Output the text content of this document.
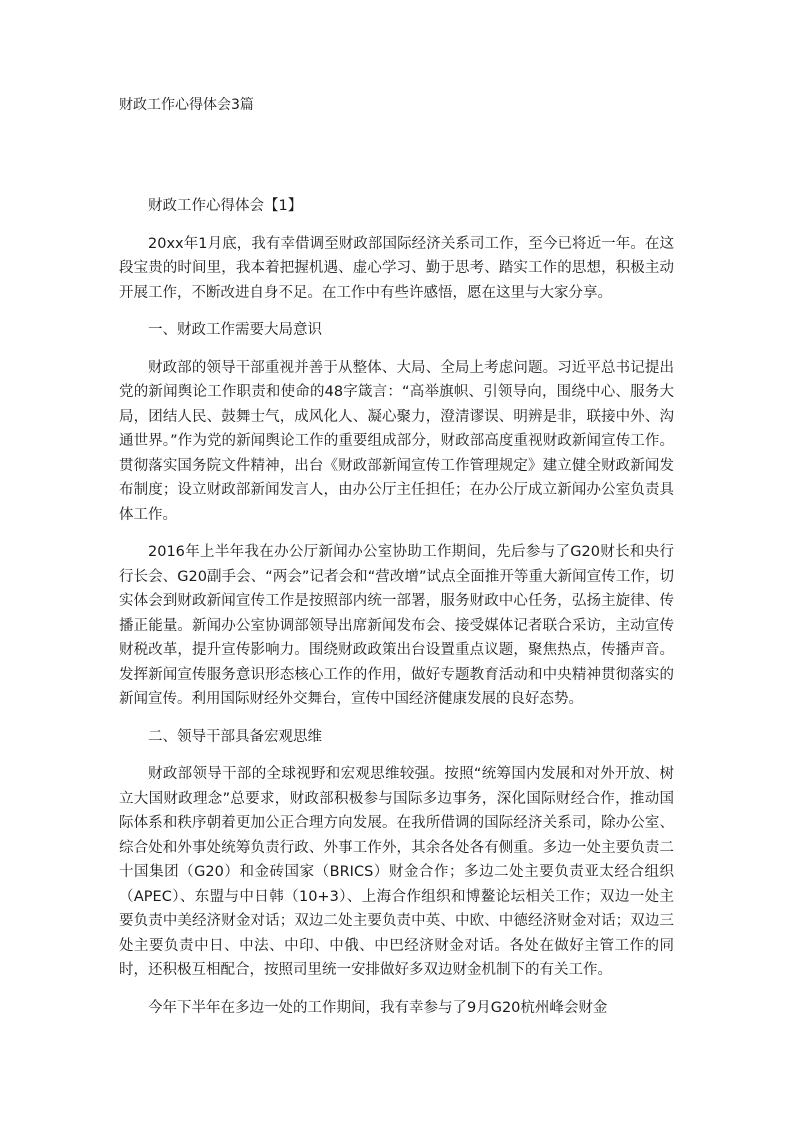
财政工作心得体会3篇

财政工作心得体会【1】

20xx年1月底，我有幸借调至财政部国际经济关系司工作，至今已将近一年。在这段宝贵的时间里，我本着把握机遇、虚心学习、勤于思考、踏实工作的思想，积极主动开展工作，不断改进自身不足。在工作中有些许感悟，愿在这里与大家分享。

一、财政工作需要大局意识

财政部的领导干部重视并善于从整体、大局、全局上考虑问题。习近平总书记提出党的新闻舆论工作职责和使命的48字箴言：“高举旗帜、引领导向，围绕中心、服务大局，团结人民、鼓舞士气，成风化人、凝心聚力，澄清谬误、明辨是非，联接中外、沟通世界。”作为党的新闻舆论工作的重要组成部分，财政部高度重视财政新闻宣传工作。贯彻落实国务院文件精神，出台《财政部新闻宣传工作管理规定》建立健全财政新闻发布制度；设立财政部新闻发言人，由办公厅主任担任；在办公厅成立新闻办公室负责具体工作。

2016年上半年我在办公厅新闻办公室协助工作期间，先后参与了G20财长和央行行长会、G20副手会、“两会”记者会和“营改增”试点全面推开等重大新闻宣传工作，切实体会到财政新闻宣传工作是按照部内统一部署，服务财政中心任务，弘扬主旋律、传播正能量。新闻办公室协调部领导出席新闻发布会、接受媒体记者联合采访，主动宣传财税改革，提升宣传影响力。围绕财政政策出台设置重点议题，聚焦热点，传播声音。发挥新闻宣传服务意识形态核心工作的作用，做好专题教育活动和中央精神贯彻落实的新闻宣传。利用国际财经外交舞台，宣传中国经济健康发展的良好态势。

二、领导干部具备宏观思维

财政部领导干部的全球视野和宏观思维较强。按照“统筹国内发展和对外开放、树立大国财政理念”总要求，财政部积极参与国际多边事务，深化国际财经合作，推动国际体系和秩序朝着更加公正合理方向发展。在我所借调的国际经济关系司，除办公室、综合处和外事处统筹负责行政、外事工作外，其余各处各有侧重。多边一处主要负责二十国集团（G20）和金砖国家（BRICS）财金合作；多边二处主要负责亚太经合组织（APEC）、东盟与中日韩（10+3）、上海合作组织和博鳌论坛相关工作；双边一处主要负责中美经济财金对话；双边二处主要负责中英、中欧、中德经济财金对话；双边三处主要负责中日、中法、中印、中俄、中巴经济财金对话。各处在做好主管工作的同时，还积极互相配合，按照司里统一安排做好多双边财金机制下的有关工作。

今年下半年在多边一处的工作期间，我有幸参与了9月G20杭州峰会财金
